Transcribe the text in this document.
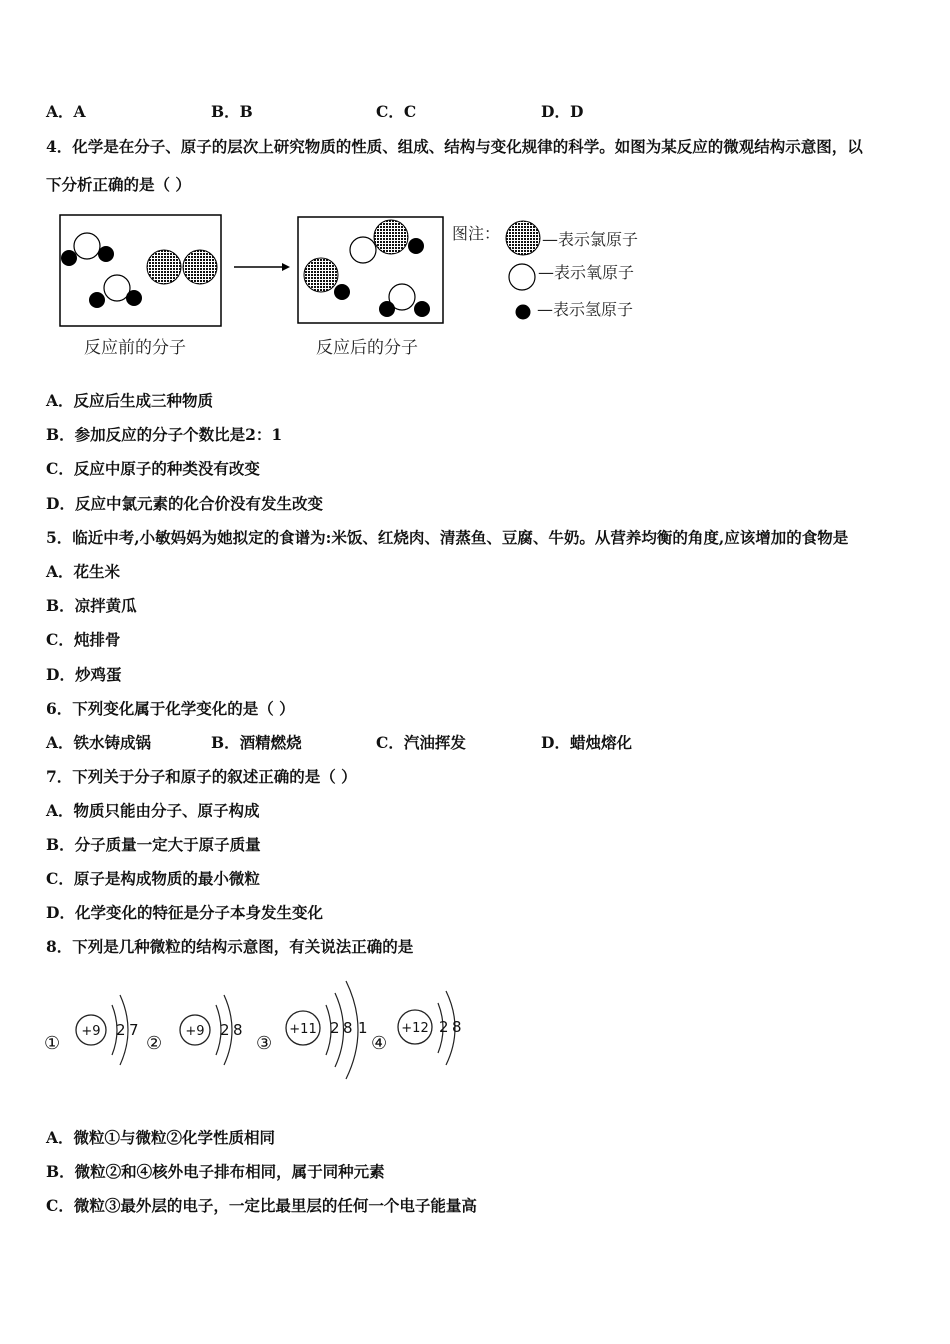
A．A	B．B	C．C	D．D
4．化学是在分子、原子的层次上研究物质的性质、组成、结构与变化规律的科学。如图为某反应的微观结构示意图，以
下分析正确的是（ ）
反应前的分子	反应后的分子
图注：	—表示氯原子
—表示氧原子
—表示氢原子
A．反应后生成三种物质
B．参加反应的分子个数比是2：1
C．反应中原子的种类没有改变
D．反应中氯元素的化合价没有发生改变
5．临近中考,小敏妈妈为她拟定的食谱为:米饭、红烧肉、清蒸鱼、豆腐、牛奶。从营养均衡的角度,应该增加的食物是
A．花生米
B．凉拌黄瓜
C．炖排骨
D．炒鸡蛋
6．下列变化属于化学变化的是（ ）
A．铁水铸成锅	B．酒精燃烧	C．汽油挥发	D．蜡烛熔化
7．下列关于分子和原子的叙述正确的是（ ）
A．物质只能由分子、原子构成
B．分子质量一定大于原子质量
C．原子是构成物质的最小微粒
D．化学变化的特征是分子本身发生变化
8．下列是几种微粒的结构示意图，有关说法正确的是
①
+9 2 7
②
+9 2 8
③
+11 2 8 1
④
+12 2 8
A．微粒①与微粒②化学性质相同
B．微粒②和④核外电子排布相同，属于同种元素
C．微粒③最外层的电子，一定比最里层的任何一个电子能量高
